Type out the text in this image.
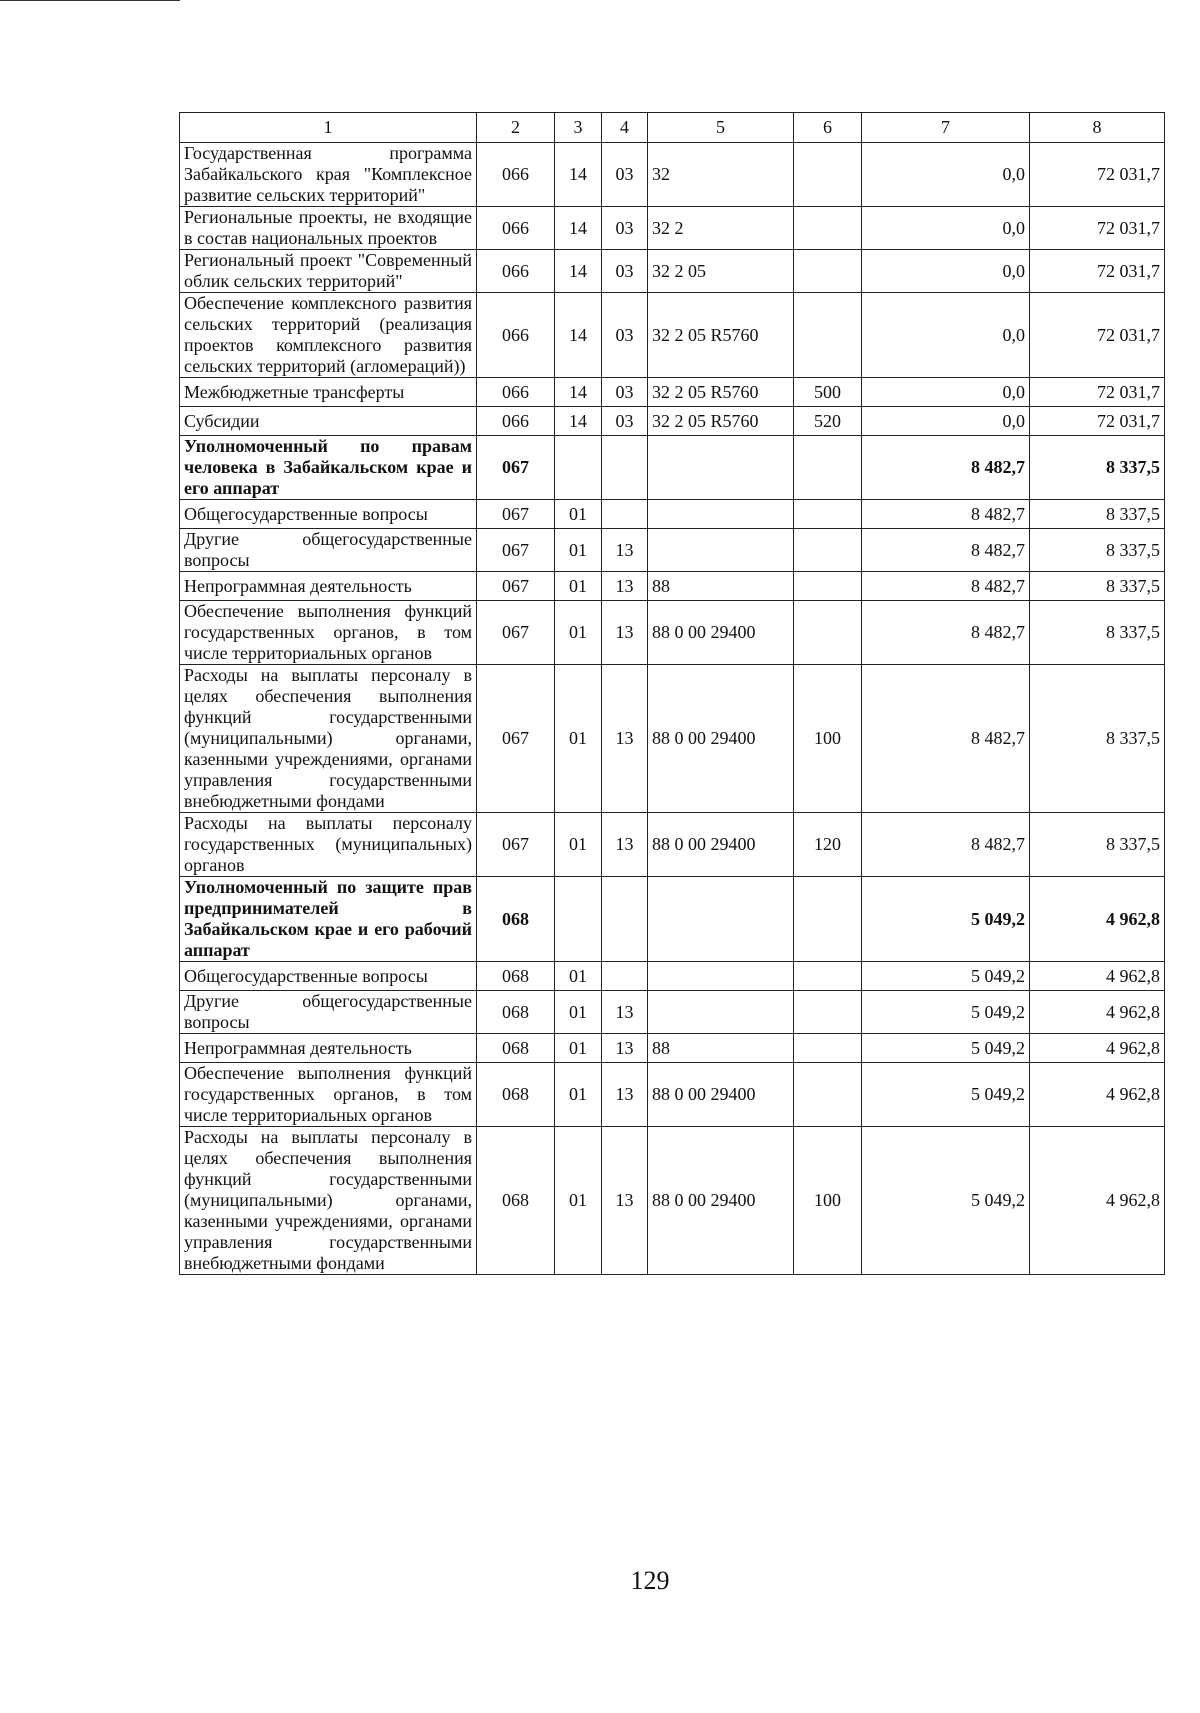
1	2	3	4	5	6	7	8
Государственная программа Забайкальского края "Комплексное развитие сельских территорий"	066	14	03	32		0,0	72 031,7
Региональные проекты, не входящие в состав национальных проектов	066	14	03	32 2		0,0	72 031,7
Региональный проект "Современный облик сельских территорий"	066	14	03	32 2 05		0,0	72 031,7
Обеспечение комплексного развития сельских территорий (реализация проектов комплексного развития сельских территорий (агломераций))	066	14	03	32 2 05 R5760		0,0	72 031,7
Межбюджетные трансферты	066	14	03	32 2 05 R5760	500	0,0	72 031,7
Субсидии	066	14	03	32 2 05 R5760	520	0,0	72 031,7
Уполномоченный по правам человека в Забайкальском крае и его аппарат	067					8 482,7	8 337,5
Общегосударственные вопросы	067	01				8 482,7	8 337,5
Другие общегосударственные вопросы	067	01	13			8 482,7	8 337,5
Непрограммная деятельность	067	01	13	88		8 482,7	8 337,5
Обеспечение выполнения функций государственных органов, в том числе территориальных органов	067	01	13	88 0 00 29400		8 482,7	8 337,5
Расходы на выплаты персоналу в целях обеспечения выполнения функций государственными (муниципальными) органами, казенными учреждениями, органами управления государственными внебюджетными фондами	067	01	13	88 0 00 29400	100	8 482,7	8 337,5
Расходы на выплаты персоналу государственных (муниципальных) органов	067	01	13	88 0 00 29400	120	8 482,7	8 337,5
Уполномоченный по защите прав предпринимателей в Забайкальском крае и его рабочий аппарат	068					5 049,2	4 962,8
Общегосударственные вопросы	068	01				5 049,2	4 962,8
Другие общегосударственные вопросы	068	01	13			5 049,2	4 962,8
Непрограммная деятельность	068	01	13	88		5 049,2	4 962,8
Обеспечение выполнения функций государственных органов, в том числе территориальных органов	068	01	13	88 0 00 29400		5 049,2	4 962,8
Расходы на выплаты персоналу в целях обеспечения выполнения функций государственными (муниципальными) органами, казенными учреждениями, органами управления государственными внебюджетными фондами	068	01	13	88 0 00 29400	100	5 049,2	4 962,8
129
